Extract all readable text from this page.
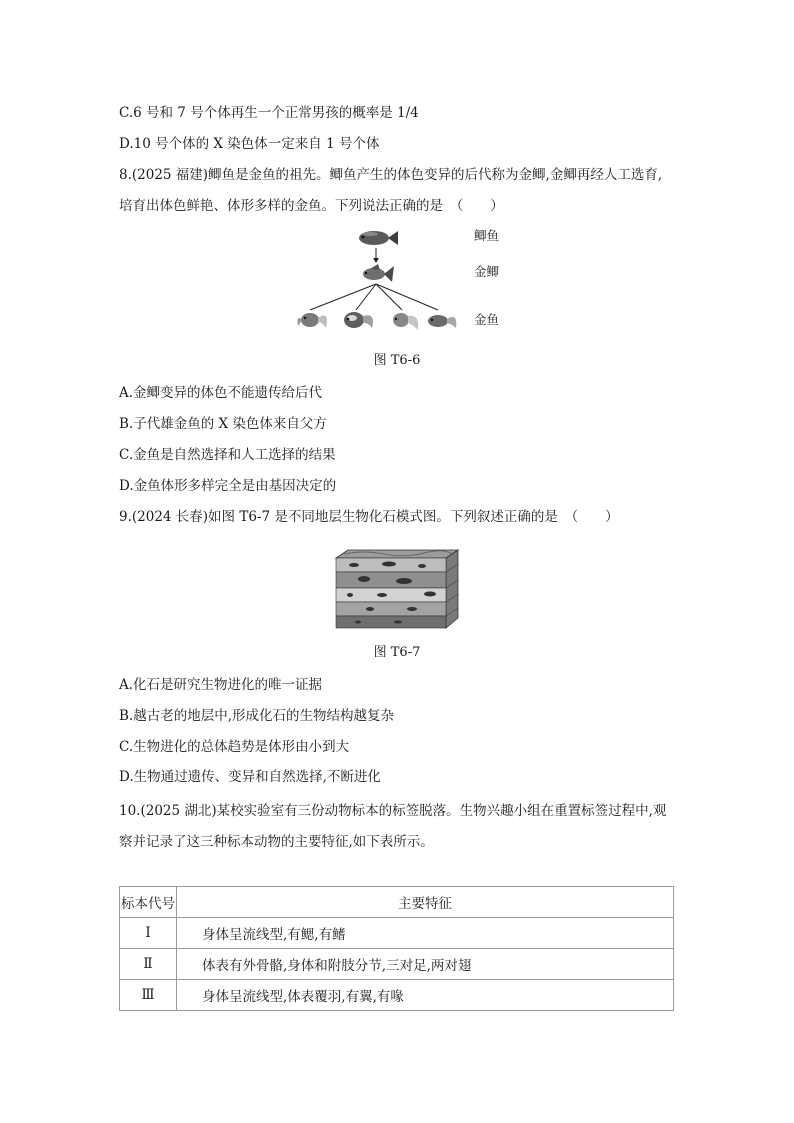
C.6 号和 7 号个体再生一个正常男孩的概率是 1/4
D.10 号个体的 X 染色体一定来自 1 号个体
8.(2025 福建)鲫鱼是金鱼的祖先。鲫鱼产生的体色变异的后代称为金鲫,金鲫再经人工选育,
培育出体色鲜艳、体形多样的金鱼。下列说法正确的是　（　　）
鲫鱼
金鲫
金鱼
图 T6-6
A.金鲫变异的体色不能遗传给后代
B.子代雄金鱼的 X 染色体来自父方
C.金鱼是自然选择和人工选择的结果
D.金鱼体形多样完全是由基因决定的
9.(2024 长春)如图 T6-7 是不同地层生物化石模式图。下列叙述正确的是　（　　）
图 T6-7
A.化石是研究生物进化的唯一证据
B.越古老的地层中,形成化石的生物结构越复杂
C.生物进化的总体趋势是体形由小到大
D.生物通过遗传、变异和自然选择,不断进化
10.(2025 湖北)某校实验室有三份动物标本的标签脱落。生物兴趣小组在重置标签过程中,观
察并记录了这三种标本动物的主要特征,如下表所示。
标本代号	主要特征
Ⅰ	身体呈流线型,有鳃,有鳍
Ⅱ	体表有外骨骼,身体和附肢分节,三对足,两对翅
Ⅲ	身体呈流线型,体表覆羽,有翼,有喙
